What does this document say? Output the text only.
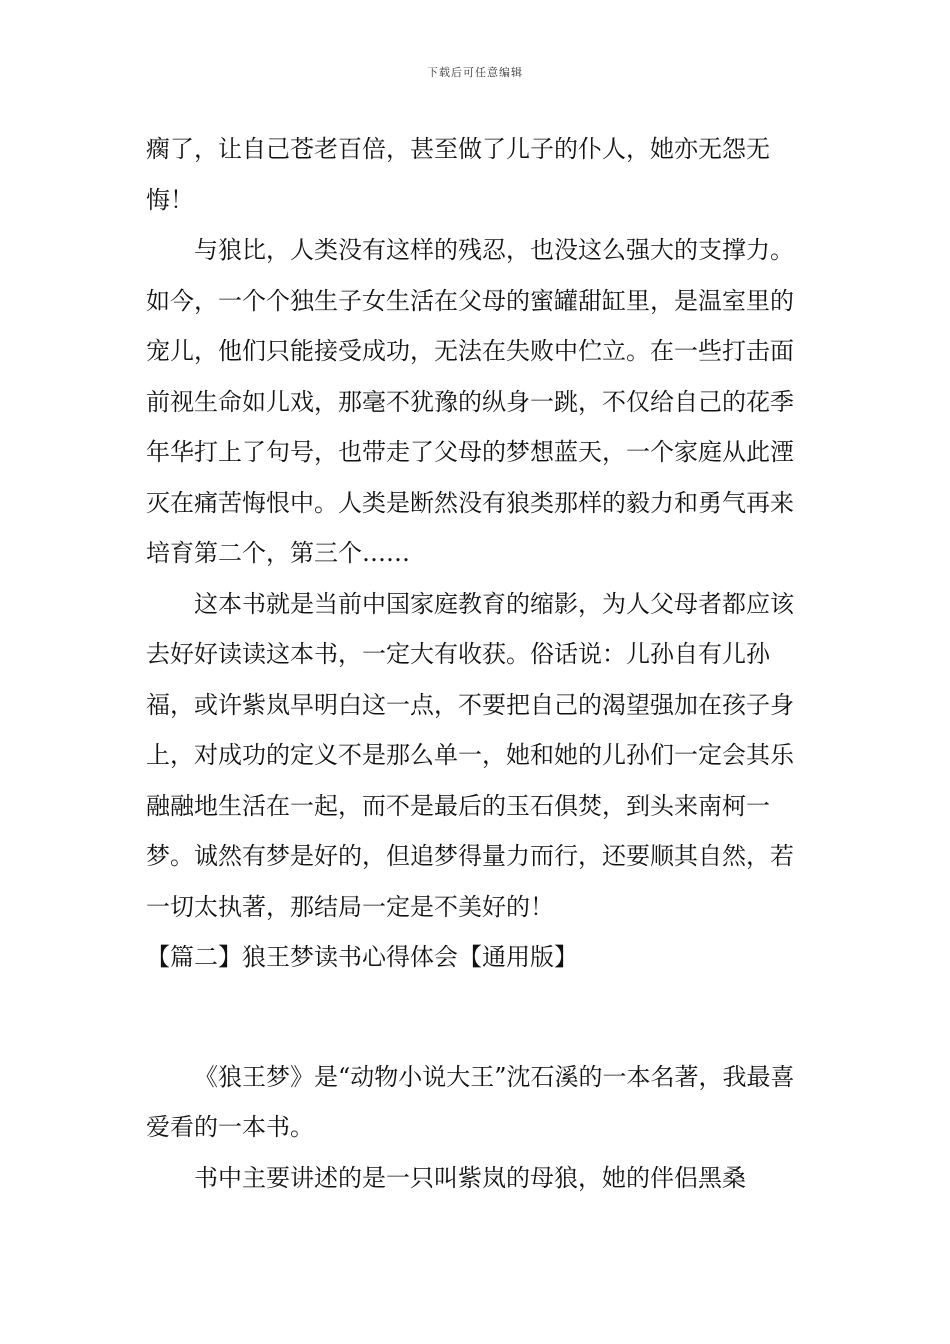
下载后可任意编辑

瘸了，让自己苍老百倍，甚至做了儿子的仆人，她亦无怨无悔！

与狼比，人类没有这样的残忍，也没这么强大的支撑力。如今，一个个独生子女生活在父母的蜜罐甜缸里，是温室里的宠儿，他们只能接受成功，无法在失败中伫立。在一些打击面前视生命如儿戏，那毫不犹豫的纵身一跳，不仅给自己的花季年华打上了句号，也带走了父母的梦想蓝天，一个家庭从此湮灭在痛苦悔恨中。人类是断然没有狼类那样的毅力和勇气再来培育第二个，第三个……

这本书就是当前中国家庭教育的缩影，为人父母者都应该去好好读读这本书，一定大有收获。俗话说：儿孙自有儿孙福，或许紫岚早明白这一点，不要把自己的渴望强加在孩子身上，对成功的定义不是那么单一，她和她的儿孙们一定会其乐融融地生活在一起，而不是最后的玉石俱焚，到头来南柯一梦。诚然有梦是好的，但追梦得量力而行，还要顺其自然，若一切太执著，那结局一定是不美好的！

【篇二】狼王梦读书心得体会【通用版】

《狼王梦》是“动物小说大王”沈石溪的一本名著，我最喜爱看的一本书。

书中主要讲述的是一只叫紫岚的母狼，她的伴侣黑桑
